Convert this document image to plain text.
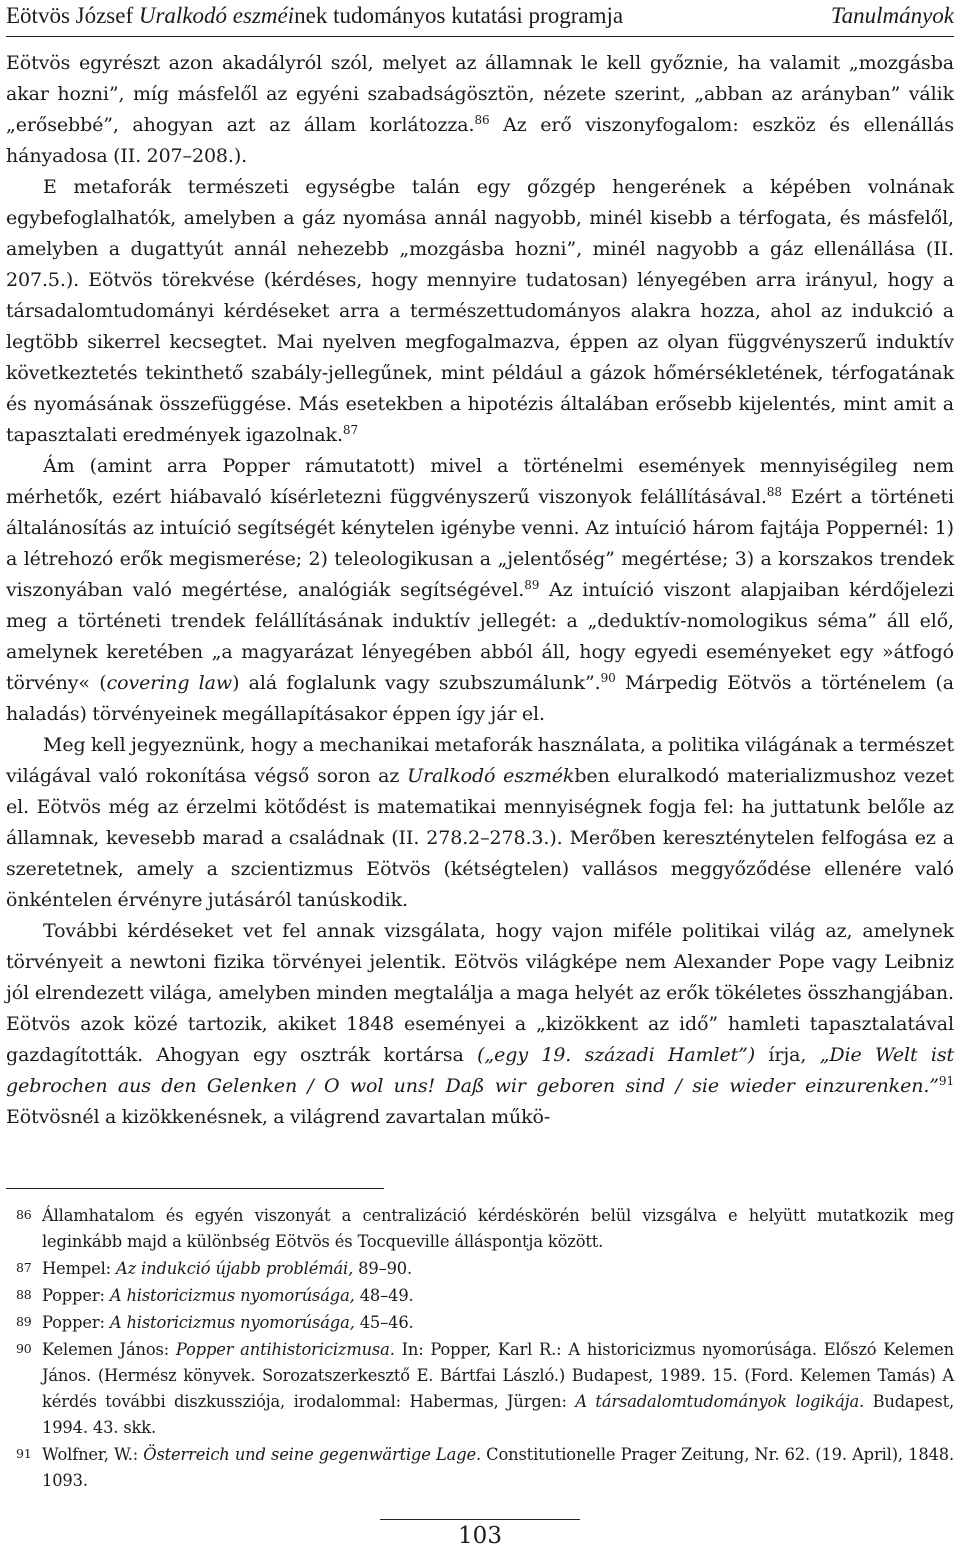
Eötvös József Uralkodó eszméinek tudományos kutatási programja	Tanulmányok

Eötvös egyrészt azon akadályról szól, melyet az államnak le kell győznie, ha valamit „mozgásba akar hozni”, míg másfelől az egyéni szabadságösztön, nézete szerint, „abban az arányban” válik „erősebbé”, ahogyan azt az állam korlátozza.$^{86}$ Az erő viszonyfogalom: eszköz és ellenállás hányadosa (II. 207–208.).

E metaforák természeti egységbe talán egy gőzgép hengerének a képében volnának egybefoglalhatók, amelyben a gáz nyomása annál nagyobb, minél kisebb a térfogata, és másfelől, amelyben a dugattyút annál nehezebb „mozgásba hozni”, minél nagyobb a gáz ellenállása (II. 207.5.). Eötvös törekvése (kérdéses, hogy mennyire tudatosan) lényegében arra irányul, hogy a társadalomtudományi kérdéseket arra a természettudományos alakra hozza, ahol az indukció a legtöbb sikerrel kecsegtet. Mai nyelven megfogalmazva, éppen az olyan függvényszerű induktív következtetés tekinthető szabály-jellegűnek, mint például a gázok hőmérsékletének, térfogatának és nyomásának összefüggése. Más esetekben a hipotézis általában erősebb kijelentés, mint amit a tapasztalati eredmények igazolnak.$^{87}$

Ám (amint arra Popper rámutatott) mivel a történelmi események mennyiségileg nem mérhetők, ezért hiábavaló kísérletezni függvényszerű viszonyok felállításával.$^{88}$ Ezért a történeti általánosítás az intuíció segítségét kénytelen igénybe venni. Az intuíció három fajtája Poppernél: 1) a létrehozó erők megismerése; 2) teleologikusan a „jelentőség” megértése; 3) a korszakos trendek viszonyában való megértése, analógiák segítségével.$^{89}$ Az intuíció viszont alapjaiban kérdőjelezi meg a történeti trendek felállításának induktív jellegét: a „deduktív-nomologikus séma” áll elő, amelynek keretében „a magyarázat lényegében abból áll, hogy egyedi eseményeket egy »átfogó törvény« (covering law) alá foglalunk vagy szubszumálunk”.$^{90}$ Márpedig Eötvös a történelem (a haladás) törvényeinek megállapításakor éppen így jár el.

Meg kell jegyeznünk, hogy a mechanikai metaforák használata, a politika világának a természet világával való rokonítása végső soron az Uralkodó eszmékben eluralkodó materializmushoz vezet el. Eötvös még az érzelmi kötődést is matematikai mennyiségnek fogja fel: ha juttatunk belőle az államnak, kevesebb marad a családnak (II. 278.2–278.3.). Merőben kereszténytelen felfogása ez a szeretetnek, amely a szcientizmus Eötvös (kétségtelen) vallásos meggyőződése ellenére való önkéntelen érvényre jutásáról tanúskodik.

További kérdéseket vet fel annak vizsgálata, hogy vajon miféle politikai világ az, amelynek törvényeit a newtoni fizika törvényei jelentik. Eötvös világképe nem Alexander Pope vagy Leibniz jól elrendezett világa, amelyben minden megtalálja a maga helyét az erők tökéletes összhangjában. Eötvös azok közé tartozik, akiket 1848 eseményei a „kizökkent az idő” hamleti tapasztalatával gazdagították. Ahogyan egy osztrák kortársa („egy 19. századi Hamlet”) írja, „Die Welt ist gebrochen aus den Gelenken / O wol uns! Daß wir geboren sind / sie wieder einzurenken.”$^{91}$ Eötvösnél a kizökkenésnek, a világrend zavartalan műkö-

86 Államhatalom és egyén viszonyát a centralizáció kérdéskörén belül vizsgálva e helyütt mutatkozik meg leginkább majd a különbség Eötvös és Tocqueville álláspontja között.
87 Hempel: Az indukció újabb problémái, 89–90.
88 Popper: A historicizmus nyomorúsága, 48–49.
89 Popper: A historicizmus nyomorúsága, 45–46.
90 Kelemen János: Popper antihistoricizmusa. In: Popper, Karl R.: A historicizmus nyomorúsága. Előszó Kelemen János. (Hermész könyvek. Sorozatszerkesztő E. Bártfai László.) Budapest, 1989. 15. (Ford. Kelemen Tamás) A kérdés további diszkussziója, irodalommal: Habermas, Jürgen: A társadalomtudományok logikája. Budapest, 1994. 43. skk.
91 Wolfner, W.: Österreich und seine gegenwärtige Lage. Constitutionelle Prager Zeitung, Nr. 62. (19. April), 1848. 1093.
103
